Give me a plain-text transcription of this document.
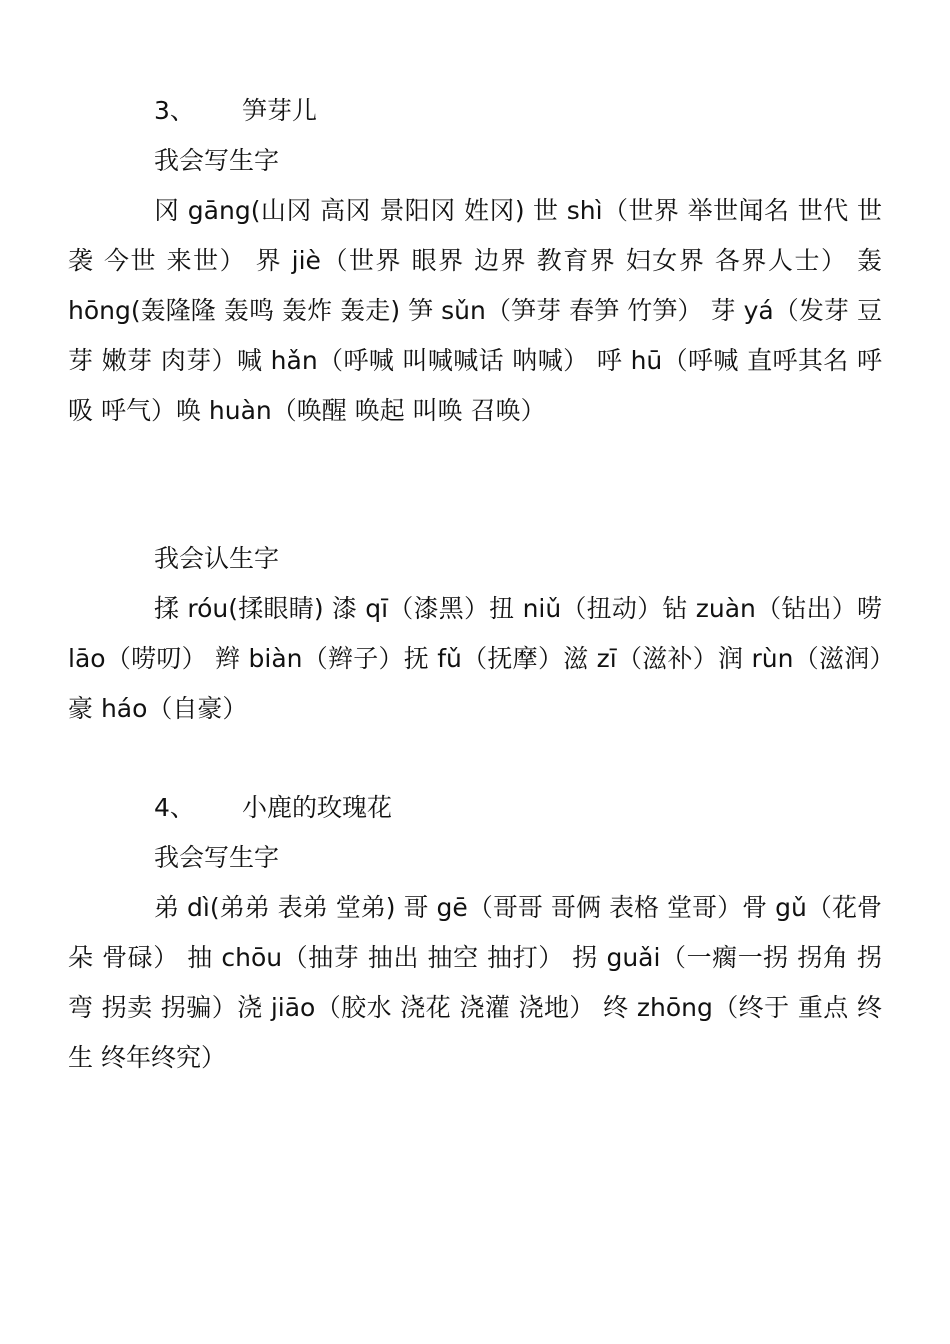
3、 笋芽儿
我会写生字

冈 gāng(山冈 高冈 景阳冈 姓冈) 世 shì（世界 举世闻名 世代 世袭 今世 来世） 界 jiè（世界 眼界 边界 教育界 妇女界 各界人士） 轰 hōng(轰隆隆 轰鸣 轰炸 轰走) 笋 sǔn（笋芽 春笋 竹笋） 芽 yá（发芽 豆芽 嫩芽 肉芽）喊 hǎn（呼喊 叫喊喊话 呐喊） 呼 hū（呼喊 直呼其名 呼吸 呼气）唤 huàn（唤醒 唤起 叫唤 召唤）

我会认生字

揉 róu(揉眼睛) 漆 qī（漆黑）扭 niǔ（扭动）钻 zuàn（钻出）唠 lāo（唠叨） 辫 biàn（辫子）抚 fǔ（抚摩）滋 zī（滋补）润 rùn（滋润）豪 háo（自豪）

4、 小鹿的玫瑰花
我会写生字

弟 dì(弟弟 表弟 堂弟) 哥 gē（哥哥 哥俩 表格 堂哥）骨 gǔ（花骨朵 骨碌） 抽 chōu（抽芽 抽出 抽空 抽打） 拐 guǎi（一瘸一拐 拐角 拐弯 拐卖 拐骗）浇 jiāo（胶水 浇花 浇灌 浇地） 终 zhōng（终于 重点 终生 终年终究）
